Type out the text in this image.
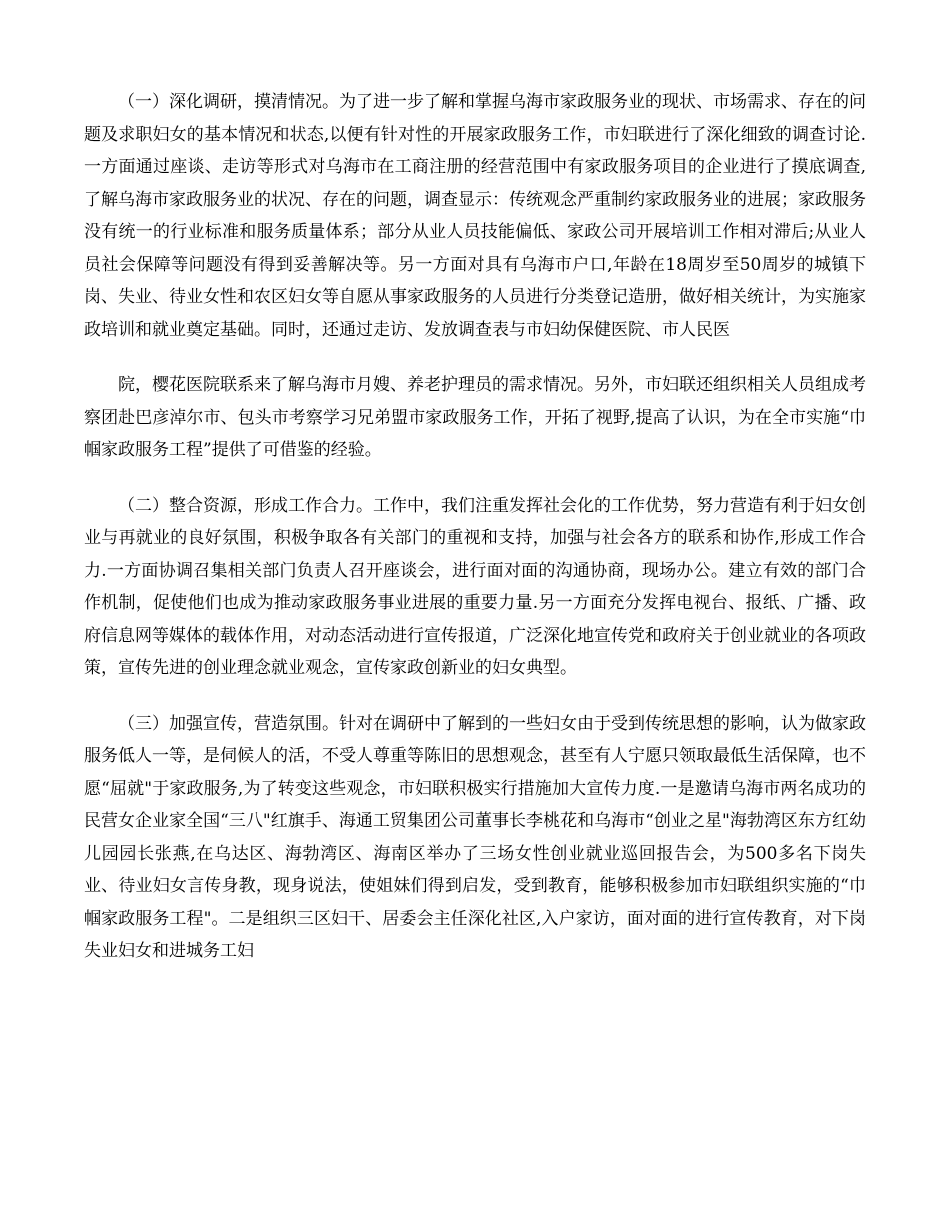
（一）深化调研，摸清情况。为了进一步了解和掌握乌海市家政服务业的现状、市场需求、存在的问题及求职妇女的基本情况和状态,以便有针对性的开展家政服务工作，市妇联进行了深化细致的调查讨论.一方面通过座谈、走访等形式对乌海市在工商注册的经营范围中有家政服务项目的企业进行了摸底调查,了解乌海市家政服务业的状况、存在的问题，调查显示：传统观念严重制约家政服务业的进展；家政服务没有统一的行业标准和服务质量体系；部分从业人员技能偏低、家政公司开展培训工作相对滞后;从业人员社会保障等问题没有得到妥善解决等。另一方面对具有乌海市户口,年龄在18周岁至50周岁的城镇下岗、失业、待业女性和农区妇女等自愿从事家政服务的人员进行分类登记造册，做好相关统计，为实施家政培训和就业奠定基础。同时，还通过走访、发放调查表与市妇幼保健医院、市人民医

院，樱花医院联系来了解乌海市月嫂、养老护理员的需求情况。另外，市妇联还组织相关人员组成考察团赴巴彦淖尔市、包头市考察学习兄弟盟市家政服务工作，开拓了视野,提高了认识，为在全市实施“巾帼家政服务工程”提供了可借鉴的经验。

（二）整合资源，形成工作合力。工作中，我们注重发挥社会化的工作优势，努力营造有利于妇女创业与再就业的良好氛围，积极争取各有关部门的重视和支持，加强与社会各方的联系和协作,形成工作合力.一方面协调召集相关部门负责人召开座谈会，进行面对面的沟通协商，现场办公。建立有效的部门合作机制，促使他们也成为推动家政服务事业进展的重要力量.另一方面充分发挥电视台、报纸、广播、政府信息网等媒体的载体作用，对动态活动进行宣传报道，广泛深化地宣传党和政府关于创业就业的各项政策，宣传先进的创业理念就业观念，宣传家政创新业的妇女典型。

（三）加强宣传，营造氛围。针对在调研中了解到的一些妇女由于受到传统思想的影响，认为做家政服务低人一等，是伺候人的活，不受人尊重等陈旧的思想观念，甚至有人宁愿只领取最低生活保障，也不愿“屈就"于家政服务,为了转变这些观念，市妇联积极实行措施加大宣传力度.一是邀请乌海市两名成功的民营女企业家全国“三八"红旗手、海通工贸集团公司董事长李桃花和乌海市“创业之星"海勃湾区东方红幼儿园园长张燕,在乌达区、海勃湾区、海南区举办了三场女性创业就业巡回报告会，为500多名下岗失业、待业妇女言传身教，现身说法，使姐妹们得到启发，受到教育，能够积极参加市妇联组织实施的“巾帼家政服务工程"。二是组织三区妇干、居委会主任深化社区,入户家访，面对面的进行宣传教育，对下岗失业妇女和进城务工妇
